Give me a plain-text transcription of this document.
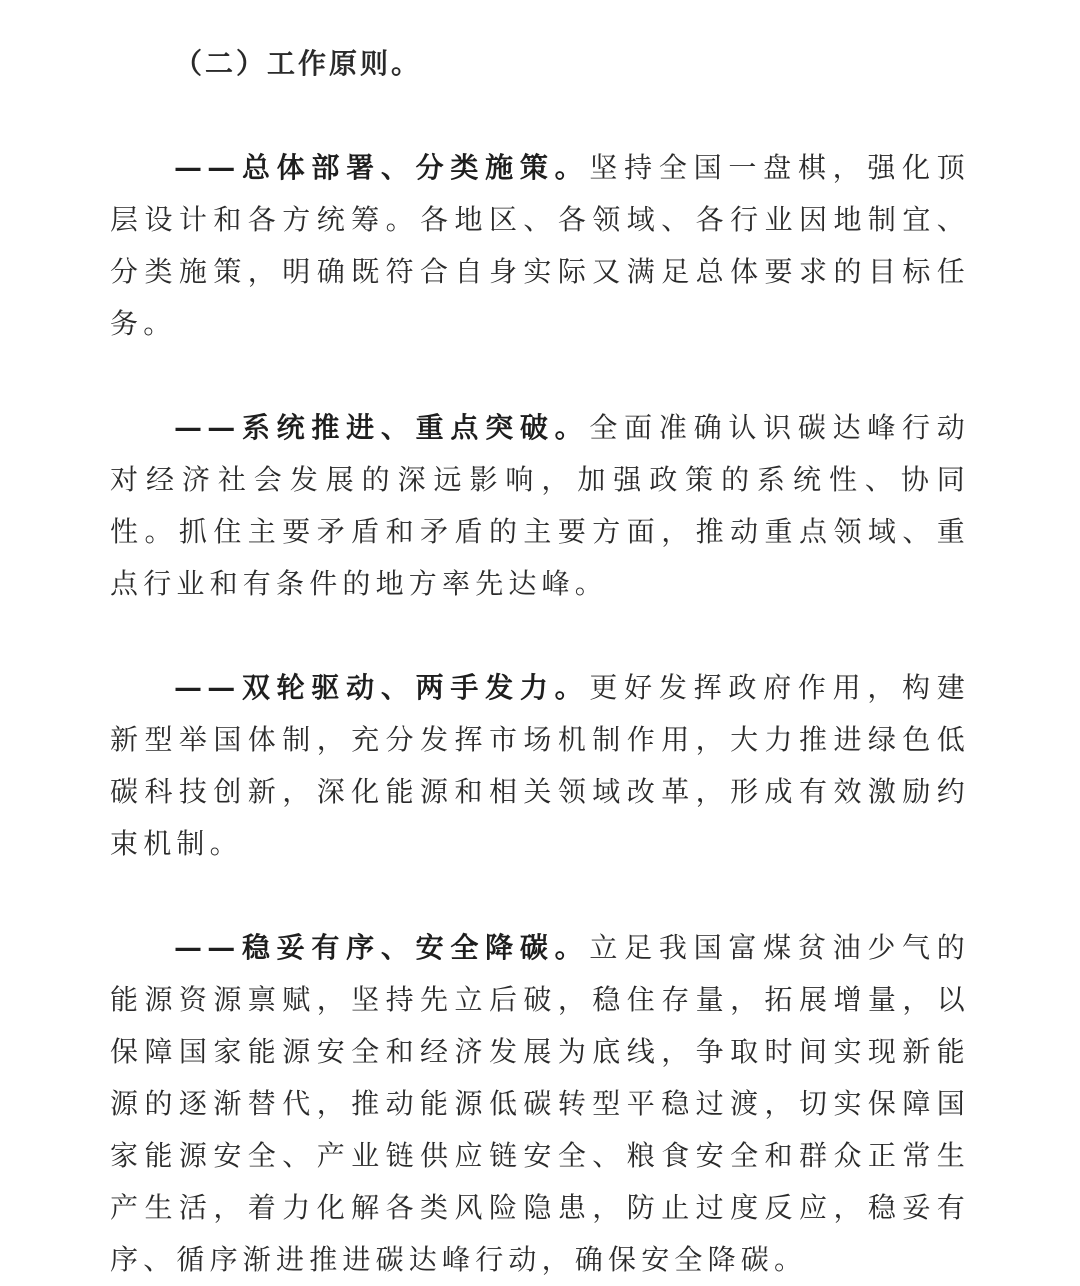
（二）工作原则。

——总体部署、分类施策。坚持全国一盘棋，强化顶层设计和各方统筹。各地区、各领域、各行业因地制宜、分类施策，明确既符合自身实际又满足总体要求的目标任务。

——系统推进、重点突破。全面准确认识碳达峰行动对经济社会发展的深远影响，加强政策的系统性、协同性。抓住主要矛盾和矛盾的主要方面，推动重点领域、重点行业和有条件的地方率先达峰。

——双轮驱动、两手发力。更好发挥政府作用，构建新型举国体制，充分发挥市场机制作用，大力推进绿色低碳科技创新，深化能源和相关领域改革，形成有效激励约束机制。

——稳妥有序、安全降碳。立足我国富煤贫油少气的能源资源禀赋，坚持先立后破，稳住存量，拓展增量，以保障国家能源安全和经济发展为底线，争取时间实现新能源的逐渐替代，推动能源低碳转型平稳过渡，切实保障国家能源安全、产业链供应链安全、粮食安全和群众正常生产生活，着力化解各类风险隐患，防止过度反应，稳妥有序、循序渐进推进碳达峰行动，确保安全降碳。
